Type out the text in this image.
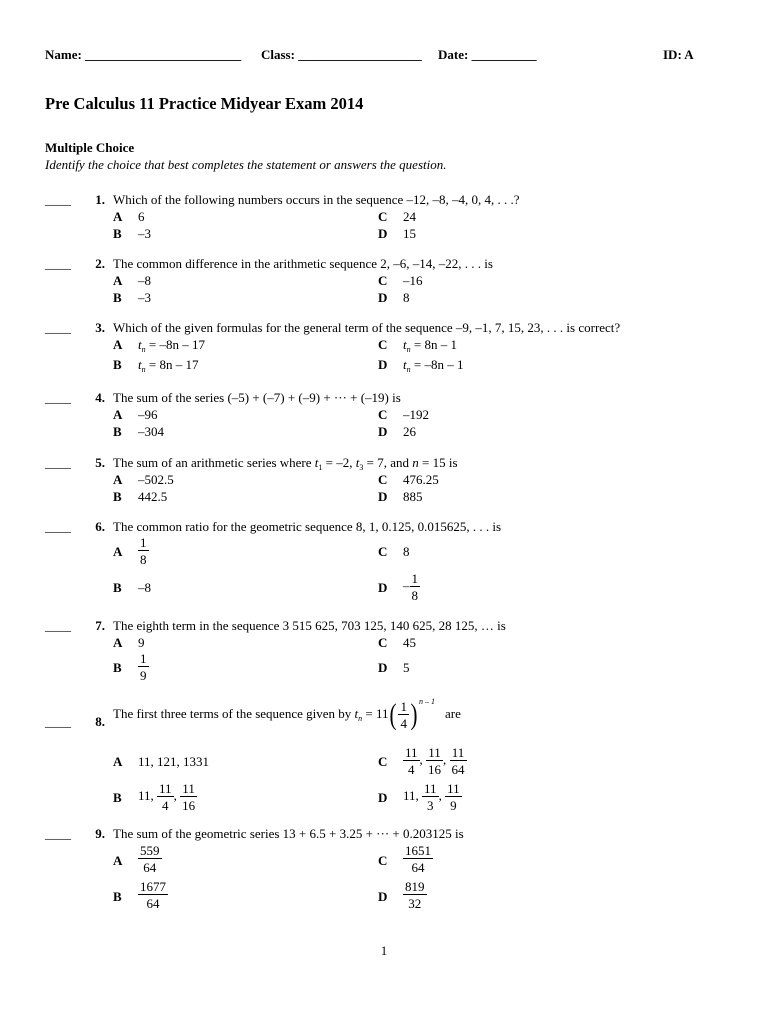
Name: ________________________ Class: ___________________ Date: __________	ID: A
Pre Calculus 11 Practice Midyear Exam 2014
Multiple Choice
Identify the choice that best completes the statement or answers the question.
____	1. Which of the following numbers occurs in the sequence –12, –8, –4, 0, 4, . . .?
A 6
B –3
C 24
D 15
____	2. The common difference in the arithmetic sequence 2, –6, –14, –22, . . . is
A –8
B –3
C –16
D 8
____	3. Which of the given formulas for the general term of the sequence –9, –1, 7, 15, 23, . . . is correct?
A $t_n = -8n - 17$
B $t_n = 8n - 17$
C $t_n = 8n - 1$
D $t_n = -8n - 1$
____	4. The sum of the series (–5) + (–7) + (–9) + ··· + (–19) is
A –96
B –304
C –192
D 26
____	5. The sum of an arithmetic series where $t_1 = -2$, $t_3 = 7$, and n = 15 is
A –502.5
B 442.5
C 476.25
D 885
____	6. The common ratio for the geometric sequence 8, 1, 0.125, 0.015625, . . . is
A $\frac{1}{8}$
B –8
C 8
D – $\frac{1}{8}$
____	7. The eighth term in the sequence 3 515 625, 703 125, 140 625, 28 125, … is
A 9
B $\frac{1}{9}$
C 45
D 5
____	8.
The first three terms of the sequence given by $t_n = 11( \frac{1}{4}$ ) $^{n - 1}$are
A 11, 121, 1331
B 11, $\frac{11}{4}$ , $\frac{11}{16}$
C $\frac{11}{4}$ , $\frac{11}{16}$ , $\frac{11}{64}$
D 11, $\frac{11}{3}$ , $\frac{11}{9}$
____	9. The sum of the geometric series 13 + 6.5 + 3.25 + ··· + 0.203125 is
A $\frac{559}{64}$
B $\frac{1677}{64}$
C $\frac{1651}{64}$
D $\frac{819}{32}$
1
